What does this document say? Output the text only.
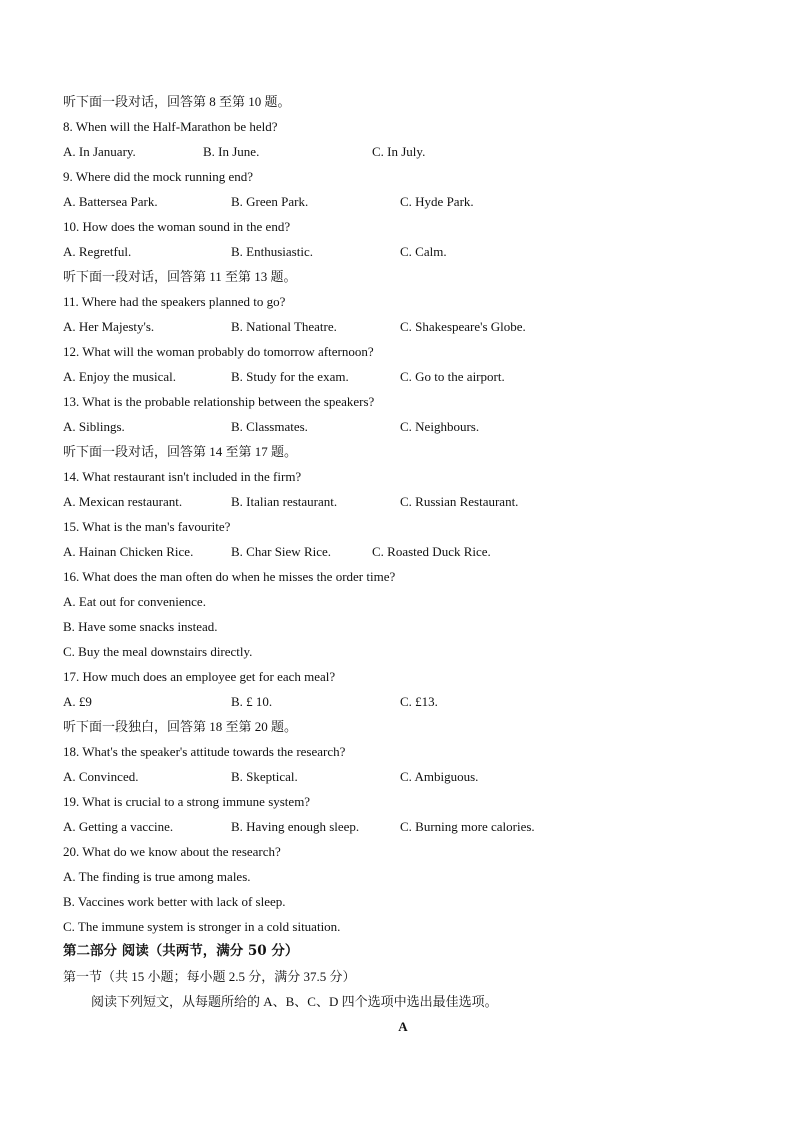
听下面一段对话，回答第 8 至第 10 题。
8. When will the Half-Marathon be held?
A. In January.	B. In June.	C. In July.
9. Where did the mock running end?
A. Battersea Park.	B. Green Park.	C. Hyde Park.
10. How does the woman sound in the end?
A. Regretful.	B. Enthusiastic.	C. Calm.
听下面一段对话，回答第 11 至第 13 题。
11. Where had the speakers planned to go?
A. Her Majesty's.	B. National Theatre.	C. Shakespeare's Globe.
12. What will the woman probably do tomorrow afternoon?
A. Enjoy the musical.	B. Study for the exam.	C. Go to the airport.
13. What is the probable relationship between the speakers?
A. Siblings.	B. Classmates.	C. Neighbours.
听下面一段对话，回答第 14 至第 17 题。
14. What restaurant isn't included in the firm?
A. Mexican restaurant.	B. Italian restaurant.	C. Russian Restaurant.
15. What is the man's favourite?
A. Hainan Chicken Rice.	B. Char Siew Rice.	C. Roasted Duck Rice.
16. What does the man often do when he misses the order time?
A. Eat out for convenience.
B. Have some snacks instead.
C. Buy the meal downstairs directly.
17. How much does an employee get for each meal?
A. £9	B. £ 10.	C. £13.
听下面一段独白，回答第 18 至第 20 题。
18. What's the speaker's attitude towards the research?
A. Convinced.	B. Skeptical.	C. Ambiguous.
19. What is crucial to a strong immune system?
A. Getting a vaccine.	B. Having enough sleep.	C. Burning more calories.
20. What do we know about the research?
A. The finding is true among males.
B. Vaccines work better with lack of sleep.
C. The immune system is stronger in a cold situation.
第二部分 阅读（共两节，满分 50 分）
第一节（共 15 小题；每小题 2.5 分，满分 37.5 分）
阅读下列短文，从每题所给的 A、B、C、D 四个选项中选出最佳选项。
A
